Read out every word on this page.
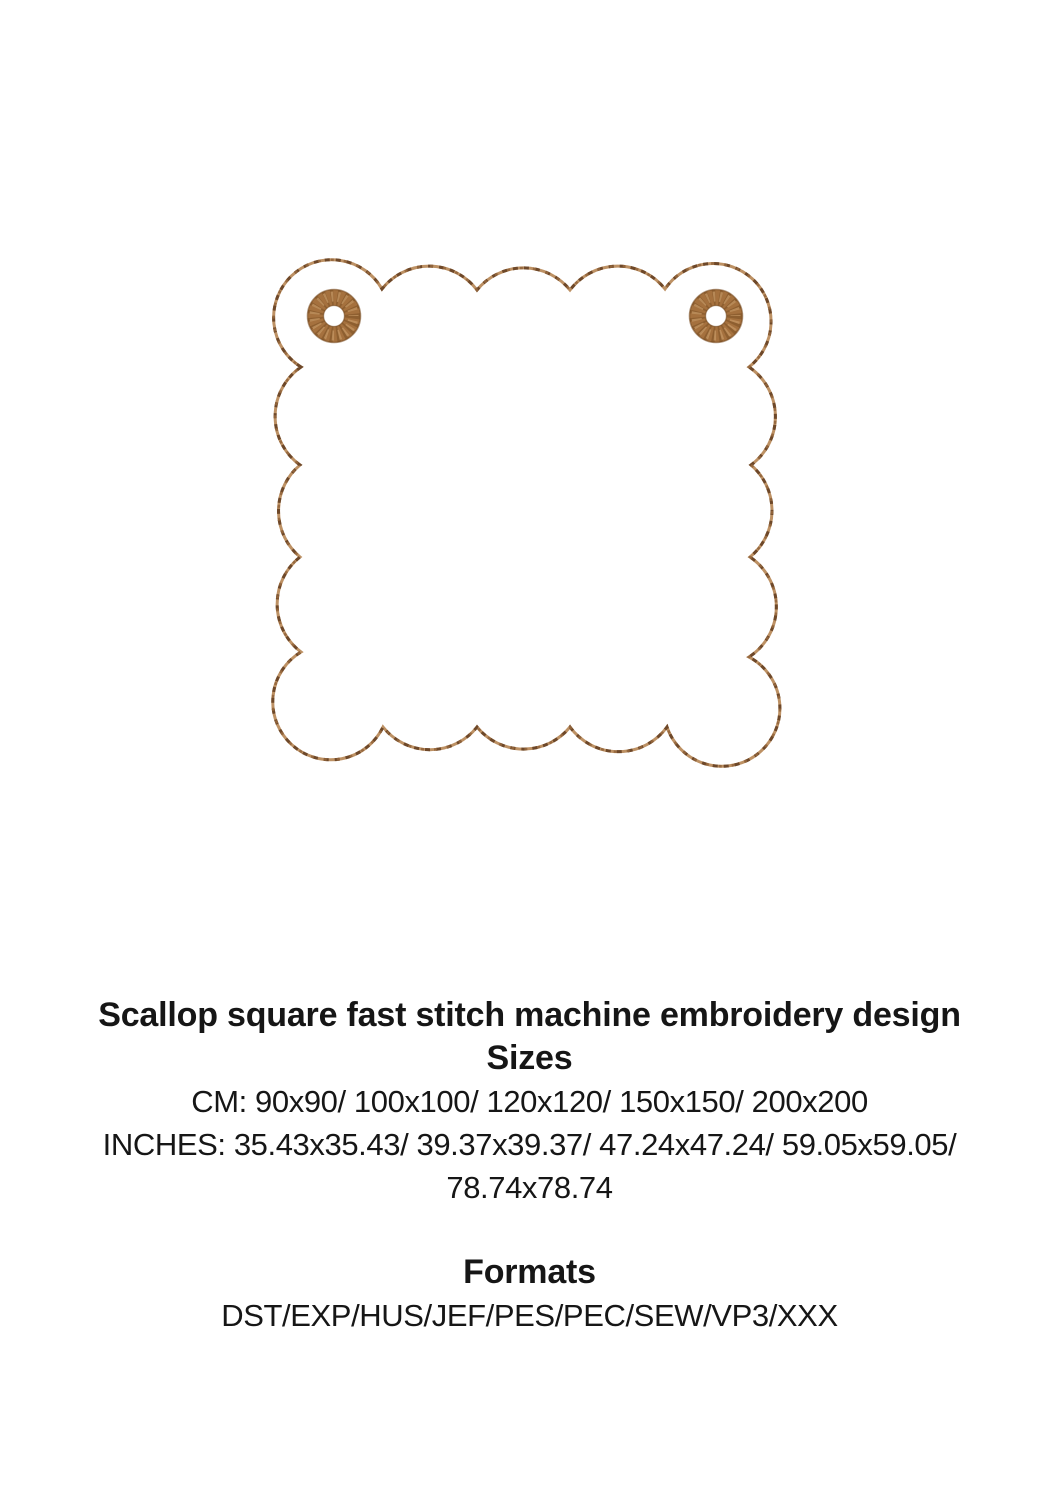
Scallop square fast stitch machine embroidery design
Sizes
CM: 90x90/ 100x100/ 120x120/ 150x150/ 200x200
INCHES: 35.43x35.43/ 39.37x39.37/ 47.24x47.24/ 59.05x59.05/
78.74x78.74
Formats
DST/EXP/HUS/JEF/PES/PEC/SEW/VP3/XXX
